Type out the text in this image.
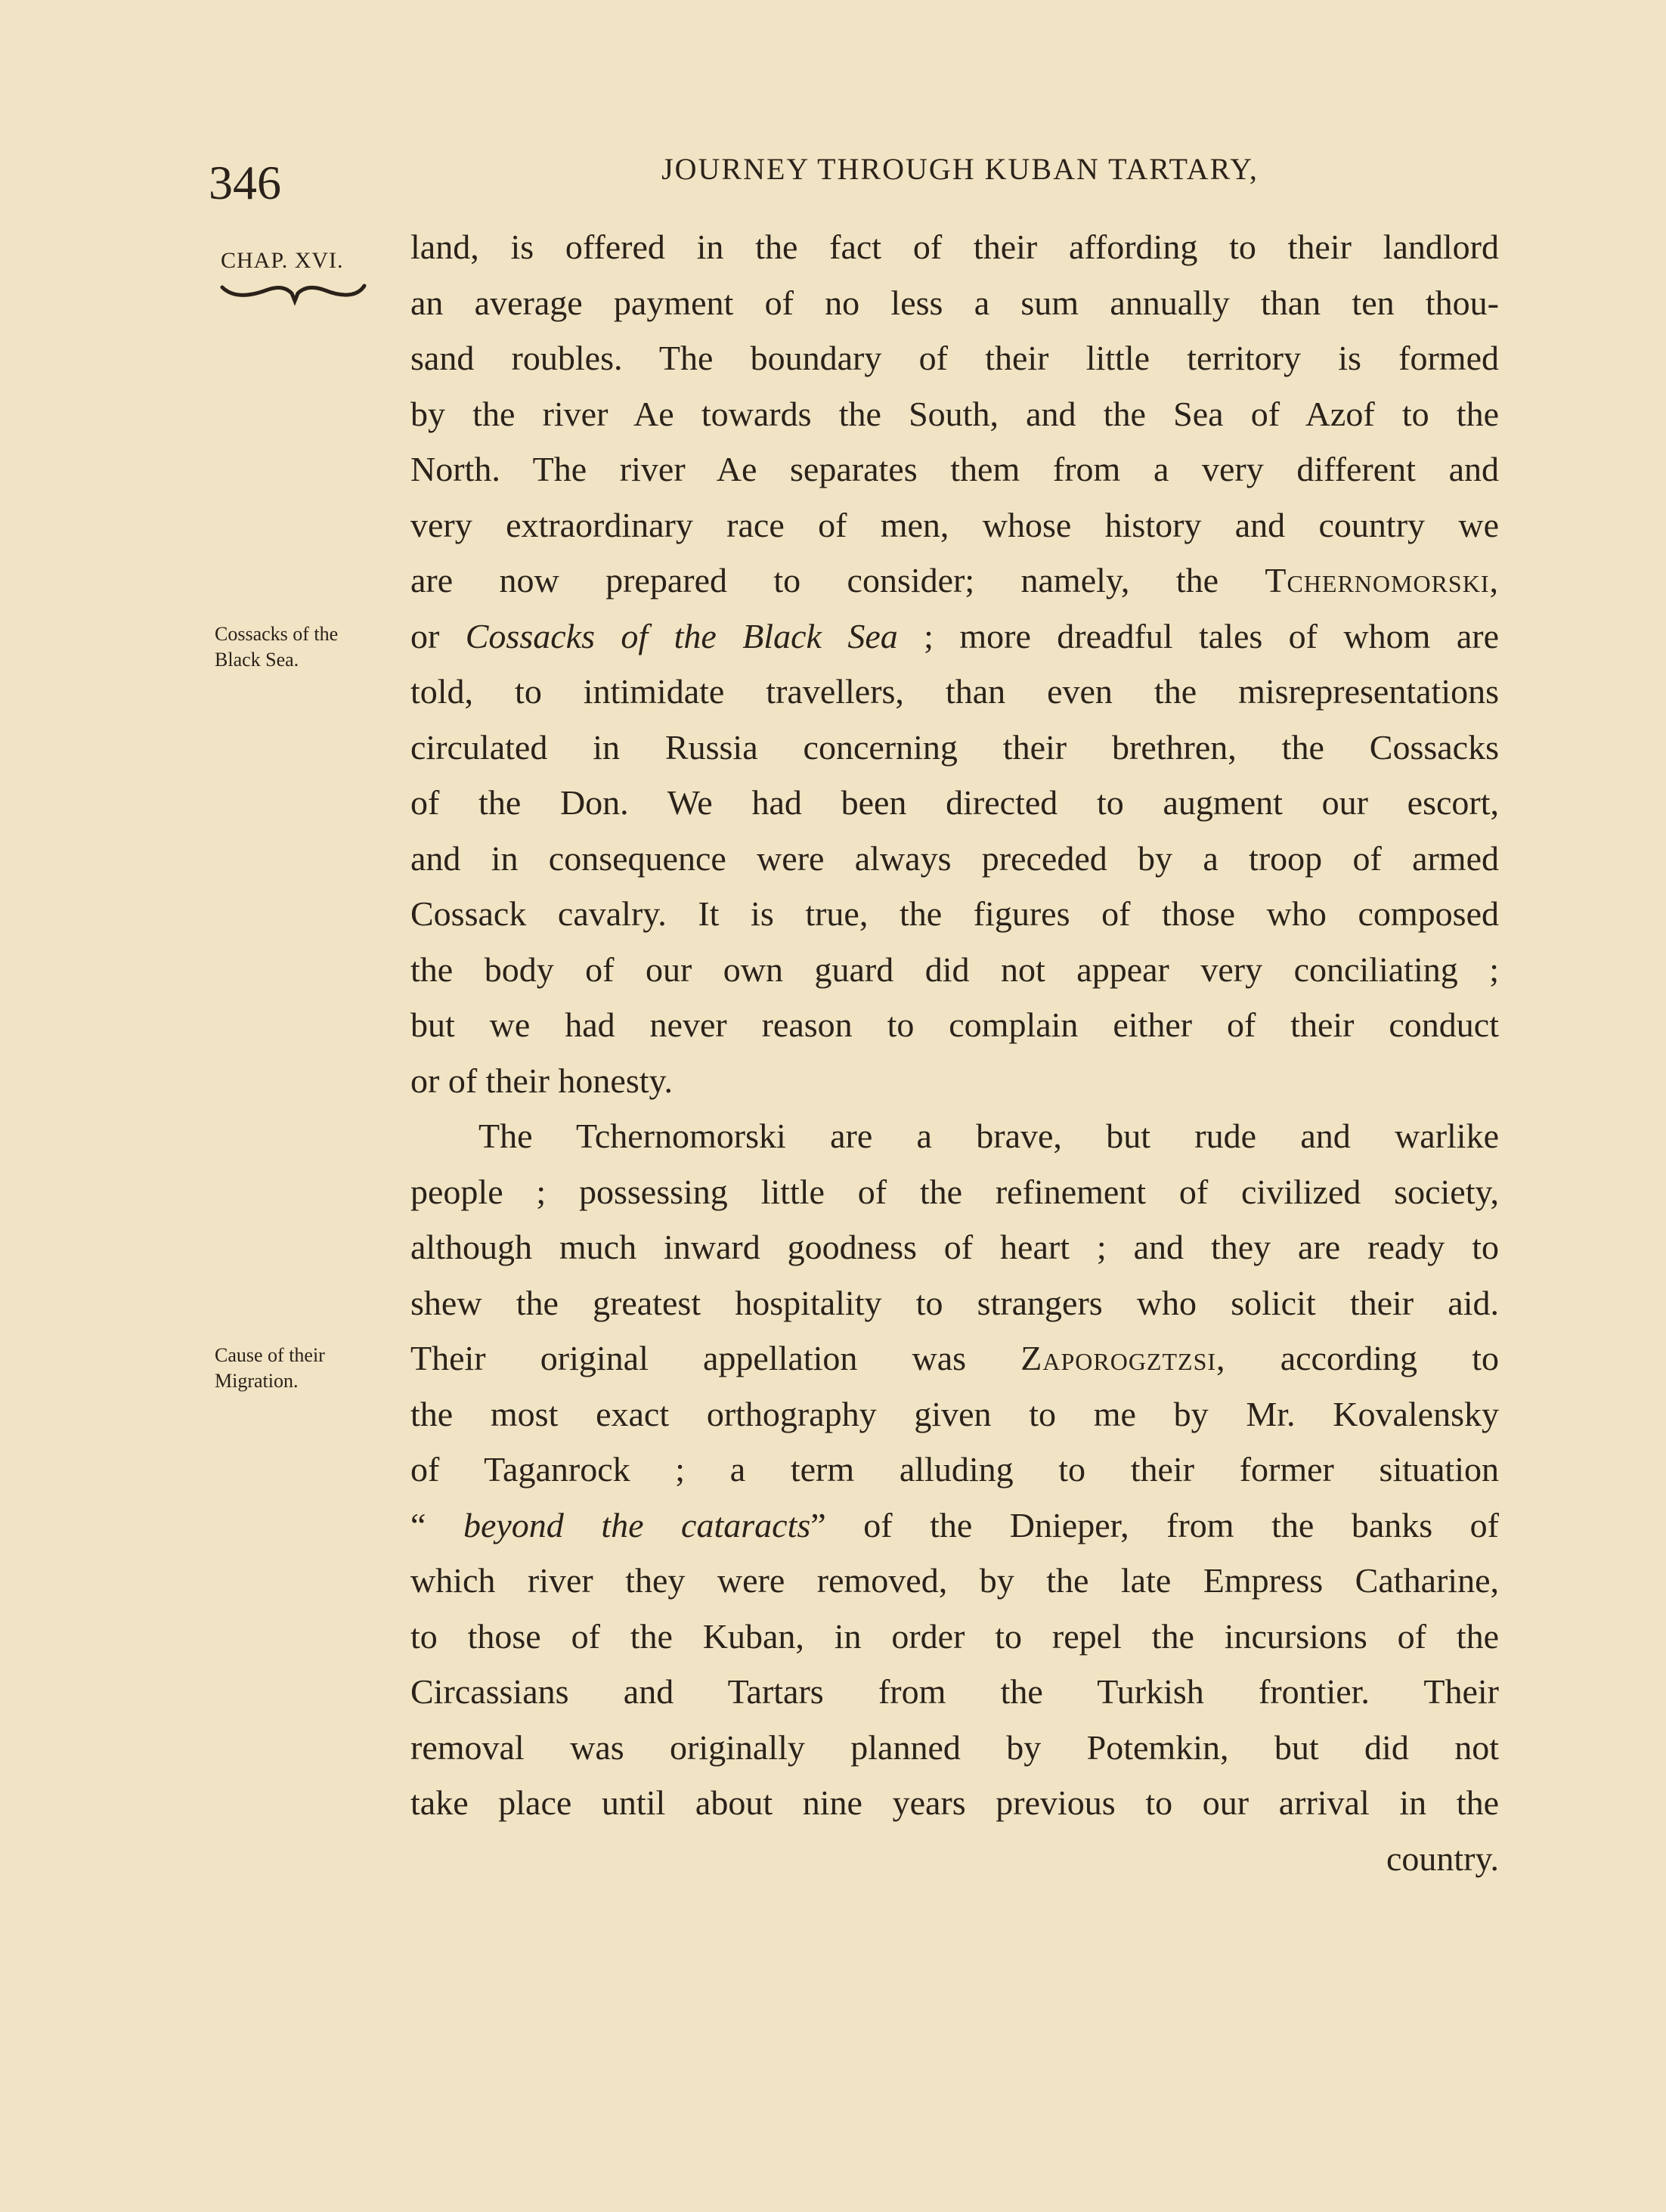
346	JOURNEY THROUGH KUBAN TARTARY,
CHAP. XVI.
Cossacks of the
Black Sea.
Cause of their
Migration.
land, is offered in the fact of their affording to their landlord
an average payment of no less a sum annually than ten thou-
sand roubles. The boundary of their little territory is formed
by the river Ae towards the South, and the Sea of Azof to the
North. The river Ae separates them from a very different and
very extraordinary race of men, whose history and country we
are now prepared to consider; namely, the Tchernomorski,
or Cossacks of the Black Sea ; more dreadful tales of whom are
told, to intimidate travellers, than even the misrepresentations
circulated in Russia concerning their brethren, the Cossacks
of the Don. We had been directed to augment our escort,
and in consequence were always preceded by a troop of armed
Cossack cavalry. It is true, the figures of those who composed
the body of our own guard did not appear very conciliating ;
but we had never reason to complain either of their conduct
or of their honesty.
The Tchernomorski are a brave, but rude and warlike
people ; possessing little of the refinement of civilized society,
although much inward goodness of heart ; and they are ready to
shew the greatest hospitality to strangers who solicit their aid.
Their original appellation was Zaporogztzsi, according to
the most exact orthography given to me by Mr. Kovalensky
of Taganrock ; a term alluding to their former situation
“ beyond the cataracts” of the Dnieper, from the banks of
which river they were removed, by the late Empress Catharine,
to those of the Kuban, in order to repel the incursions of the
Circassians and Tartars from the Turkish frontier. Their
removal was originally planned by Potemkin, but did not
take place until about nine years previous to our arrival in the
country.
